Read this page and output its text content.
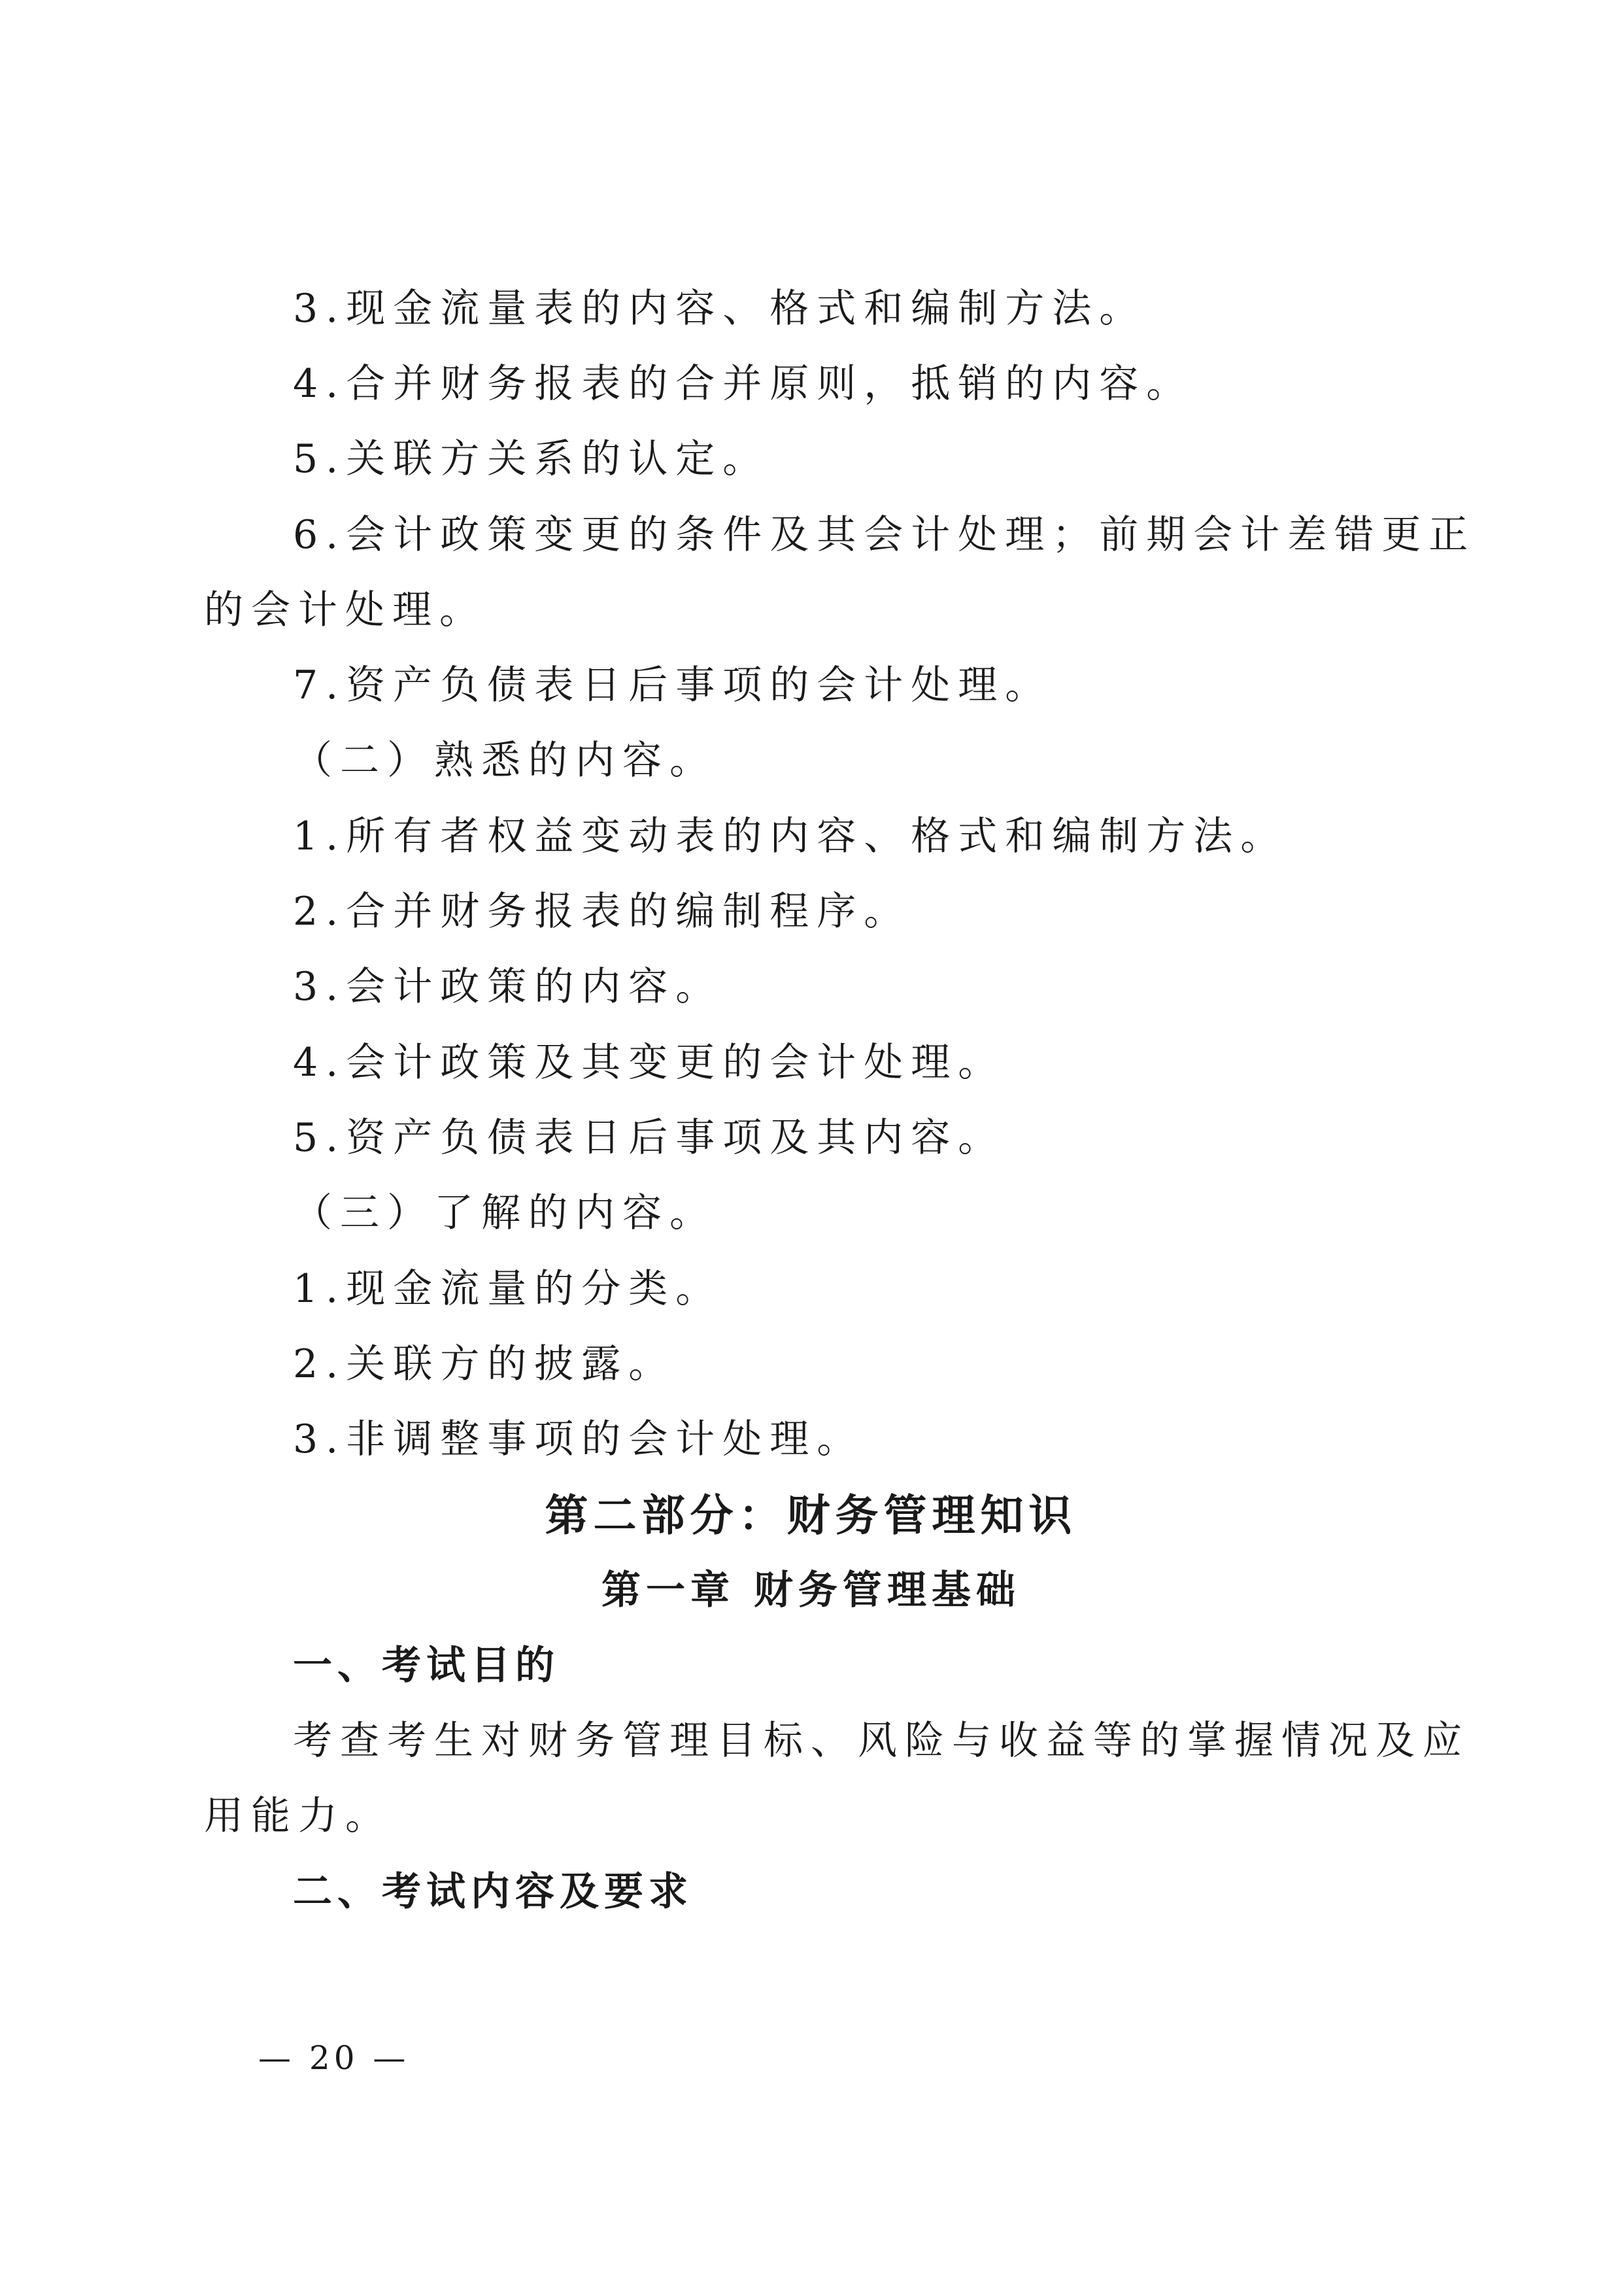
3.现金流量表的内容、格式和编制方法。
4.合并财务报表的合并原则，抵销的内容。
5.关联方关系的认定。
6.会计政策变更的条件及其会计处理；前期会计差错更正
的会计处理。
7.资产负债表日后事项的会计处理。
（二）熟悉的内容。
1.所有者权益变动表的内容、格式和编制方法。
2.合并财务报表的编制程序。
3.会计政策的内容。
4.会计政策及其变更的会计处理。
5.资产负债表日后事项及其内容。
（三）了解的内容。
1.现金流量的分类。
2.关联方的披露。
3.非调整事项的会计处理。
第二部分：财务管理知识
第一章 财务管理基础
一、考试目的
考查考生对财务管理目标、风险与收益等的掌握情况及应
用能力。
二、考试内容及要求
— 20 —
